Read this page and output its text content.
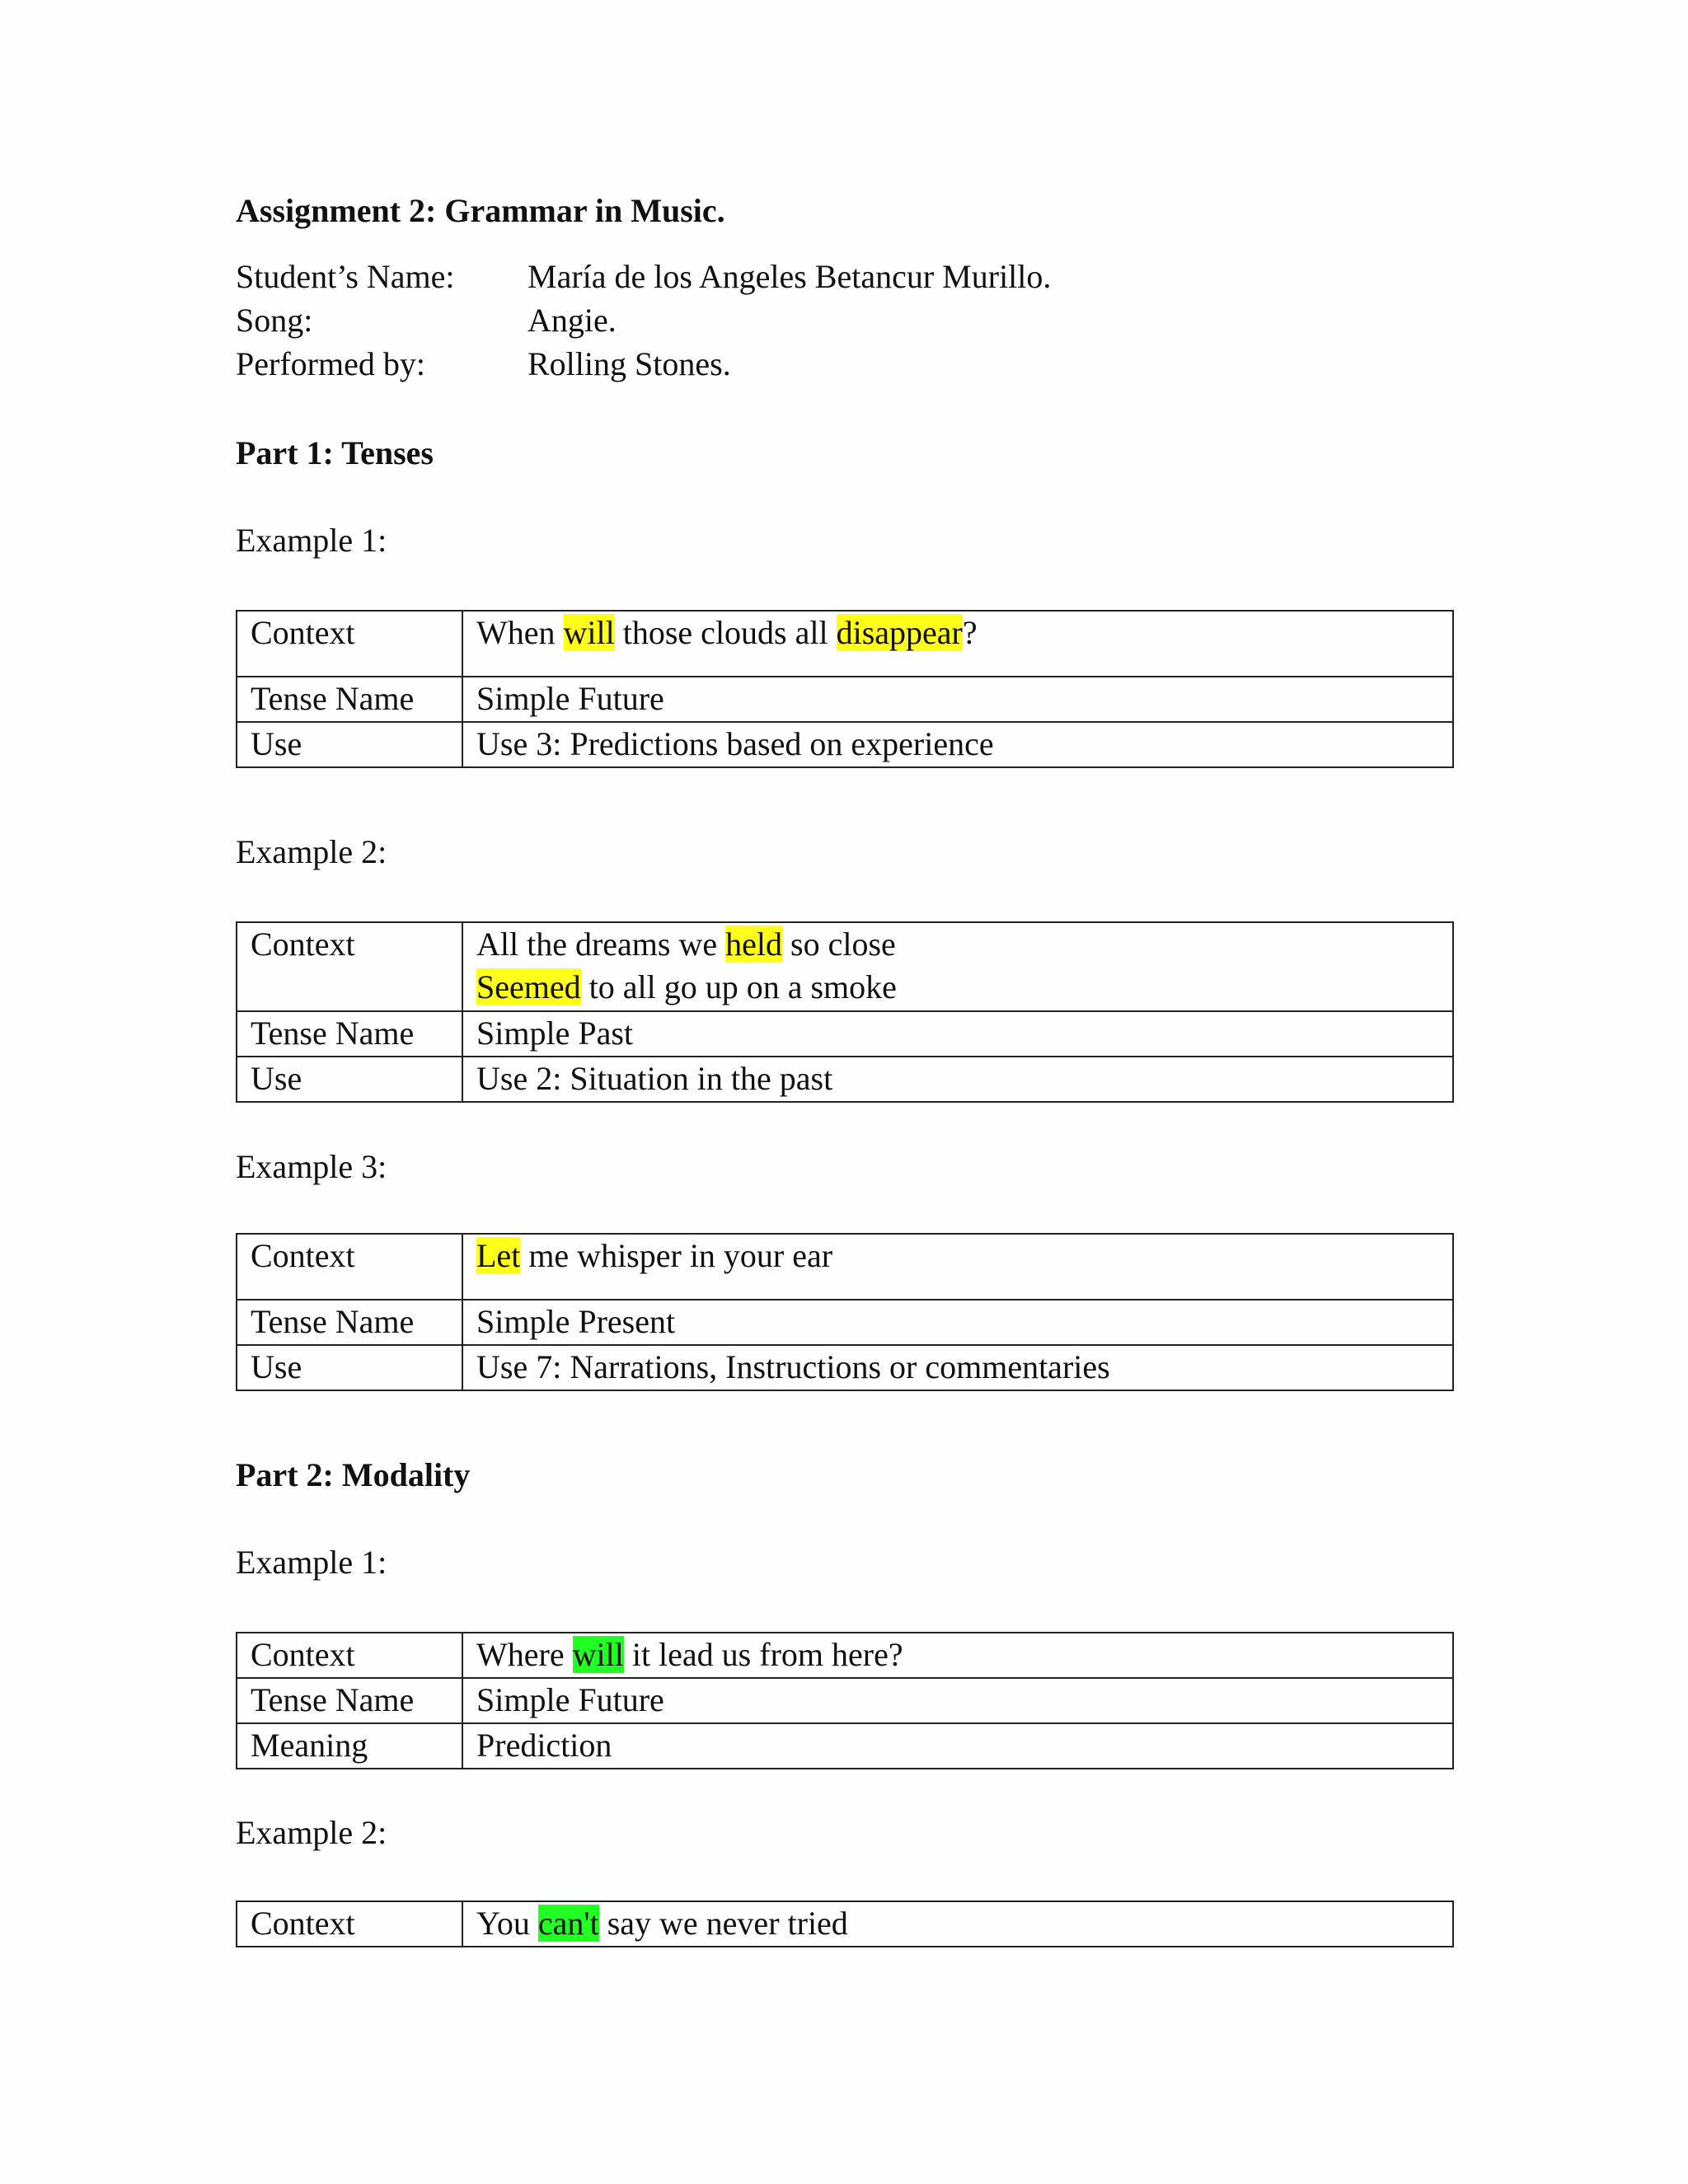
Assignment 2: Grammar in Music.
Student’s Name: María de los Angeles Betancur Murillo.
Song:	Angie.
Performed by:	Rolling Stones.
Part 1: Tenses
Example 1:
Context	When will those clouds all disappear?
Tense Name	Simple Future
Use	Use 3: Predictions based on experience
Example 2:
Context	All the dreams we held so close
Seemed to all go up on a smoke

Tense Name	Simple Past
Use	Use 2: Situation in the past
Example 3:
Context	Let me whisper in your ear
Tense Name	Simple Present
Use	Use 7: Narrations, Instructions or commentaries
Part 2: Modality
Example 1:
Context	Where will it lead us from here?
Tense Name	Simple Future
Meaning	Prediction
Example 2:
Context	You can't say we never tried
